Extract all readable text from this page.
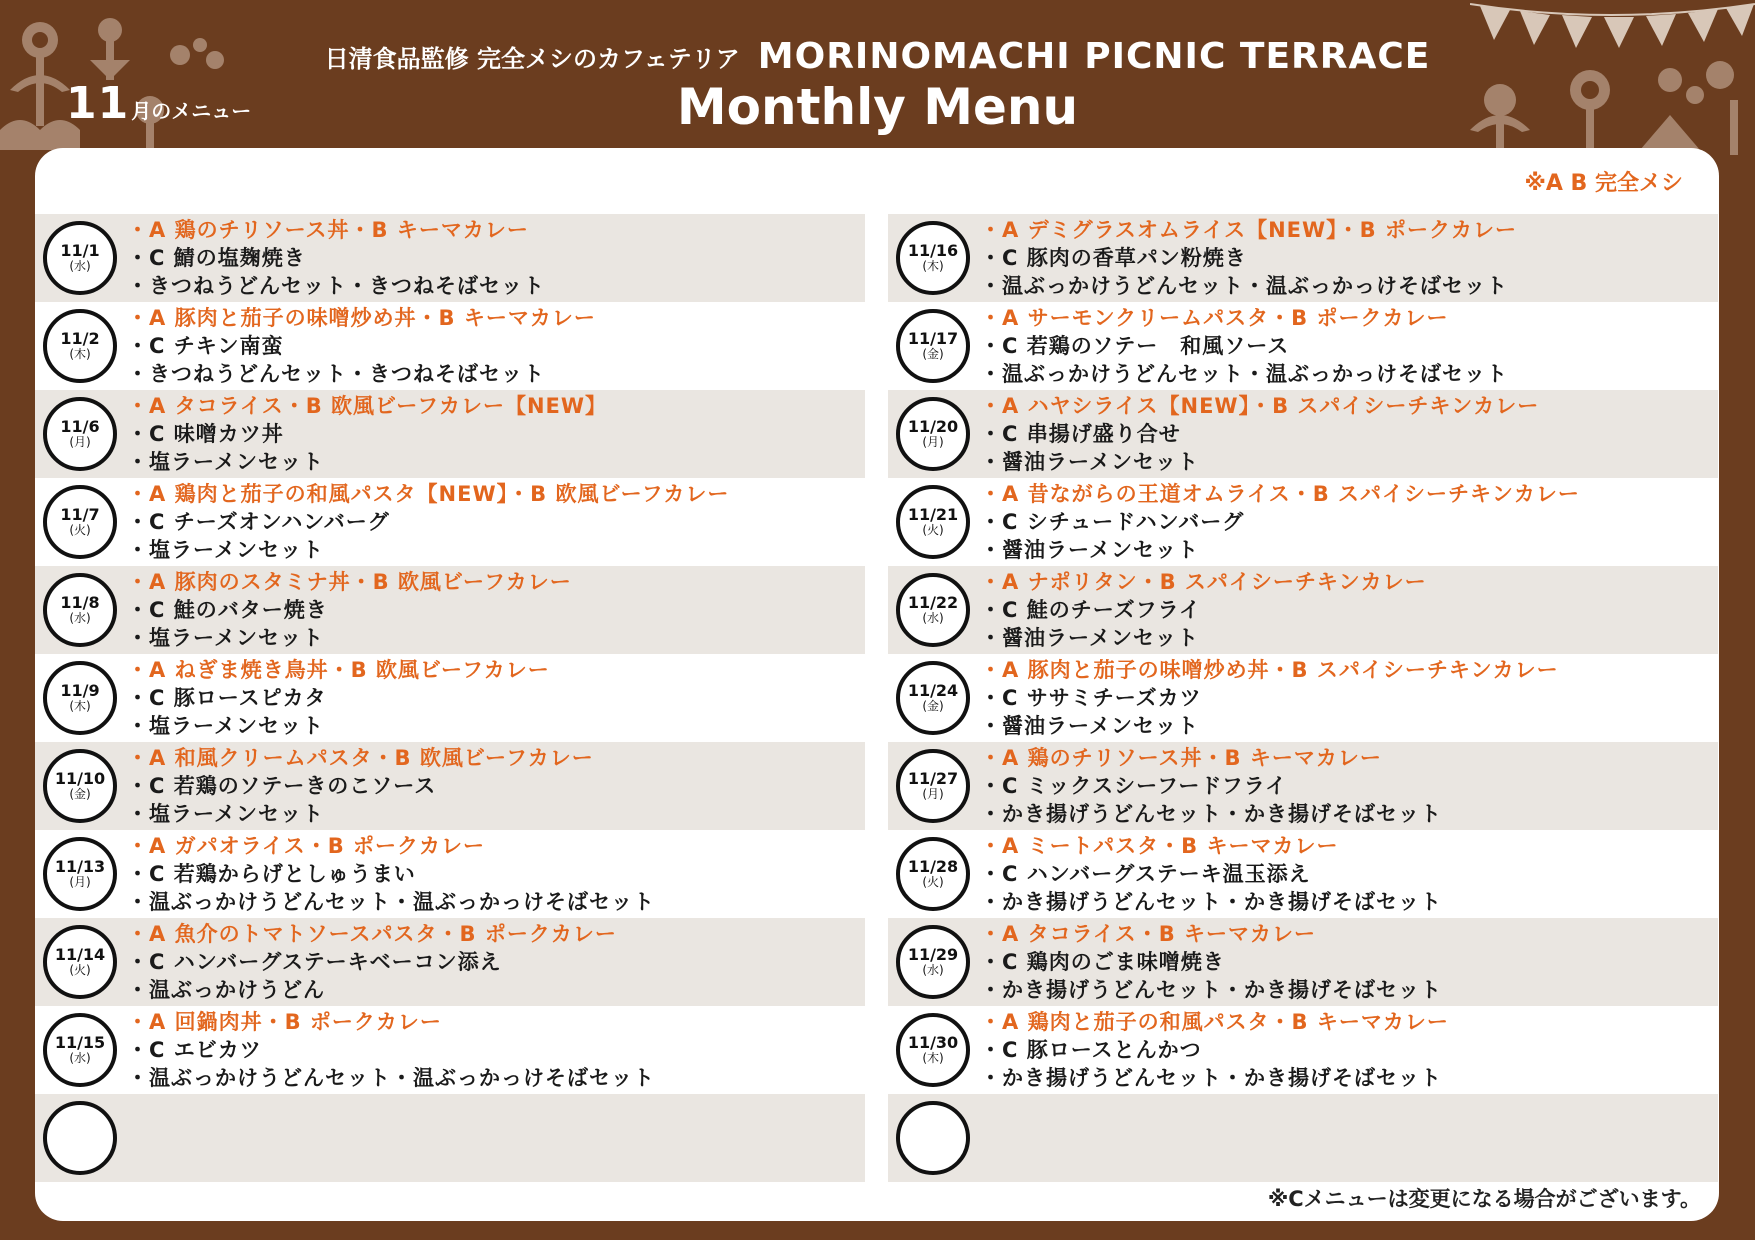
11 月のメニュー
日清食品監修 完全メシのカフェテリア MORINOMACHI PICNIC TERRACE
Monthly Menu
※A B 完全メシ
11/1
(水)
・A 鶏のチリソース丼・B キーマカレー
・C 鯖の塩麹焼き
・きつねうどんセット・きつねそばセット
11/2
(木)
・A 豚肉と茄子の味噌炒め丼・B キーマカレー
・C チキン南蛮
・きつねうどんセット・きつねそばセット
11/6
(月)
・A タコライス・B 欧風ビーフカレー【NEW】
・C 味噌カツ丼
・塩ラーメンセット
11/7
(火)
・A 鶏肉と茄子の和風パスタ【NEW】・B 欧風ビーフカレー
・C チーズオンハンバーグ
・塩ラーメンセット
11/8
(水)
・A 豚肉のスタミナ丼・B 欧風ビーフカレー
・C 鮭のバター焼き
・塩ラーメンセット
11/9
(木)
・A ねぎま焼き鳥丼・B 欧風ビーフカレー
・C 豚ロースピカタ
・塩ラーメンセット
11/10
(金)
・A 和風クリームパスタ・B 欧風ビーフカレー
・C 若鶏のソテーきのこソース
・塩ラーメンセット
11/13
(月)
・A ガパオライス・B ポークカレー
・C 若鶏からげとしゅうまい
・温ぶっかけうどんセット・温ぶっかっけそばセット
11/14
(火)
・A 魚介のトマトソースパスタ・B ポークカレー
・C ハンバーグステーキベーコン添え
・温ぶっかけうどん
11/15
(水)
・A 回鍋肉丼・B ポークカレー
・C エビカツ
・温ぶっかけうどんセット・温ぶっかっけそばセット
11/16
(木)
・A デミグラスオムライス【NEW】・B ポークカレー
・C 豚肉の香草パン粉焼き
・温ぶっかけうどんセット・温ぶっかっけそばセット
11/17
(金)
・A サーモンクリームパスタ・B ポークカレー
・C 若鶏のソテー　和風ソース
・温ぶっかけうどんセット・温ぶっかっけそばセット
11/20
(月)
・A ハヤシライス【NEW】・B スパイシーチキンカレー
・C 串揚げ盛り合せ
・醤油ラーメンセット
11/21
(火)
・A 昔ながらの王道オムライス・B スパイシーチキンカレー
・C シチュードハンバーグ
・醤油ラーメンセット
11/22
(水)
・A ナポリタン・B スパイシーチキンカレー
・C 鮭のチーズフライ
・醤油ラーメンセット
11/24
(金)
・A 豚肉と茄子の味噌炒め丼・B スパイシーチキンカレー
・C ササミチーズカツ
・醤油ラーメンセット
11/27
(月)
・A 鶏のチリソース丼・B キーマカレー
・C ミックスシーフードフライ
・かき揚げうどんセット・かき揚げそばセット
11/28
(火)
・A ミートパスタ・B キーマカレー
・C ハンバーグステーキ温玉添え
・かき揚げうどんセット・かき揚げそばセット
11/29
(水)
・A タコライス・B キーマカレー
・C 鶏肉のごま味噌焼き
・かき揚げうどんセット・かき揚げそばセット
11/30
(木)
・A 鶏肉と茄子の和風パスタ・B キーマカレー
・C 豚ロースとんかつ
・かき揚げうどんセット・かき揚げそばセット
※Cメニューは変更になる場合がございます。
